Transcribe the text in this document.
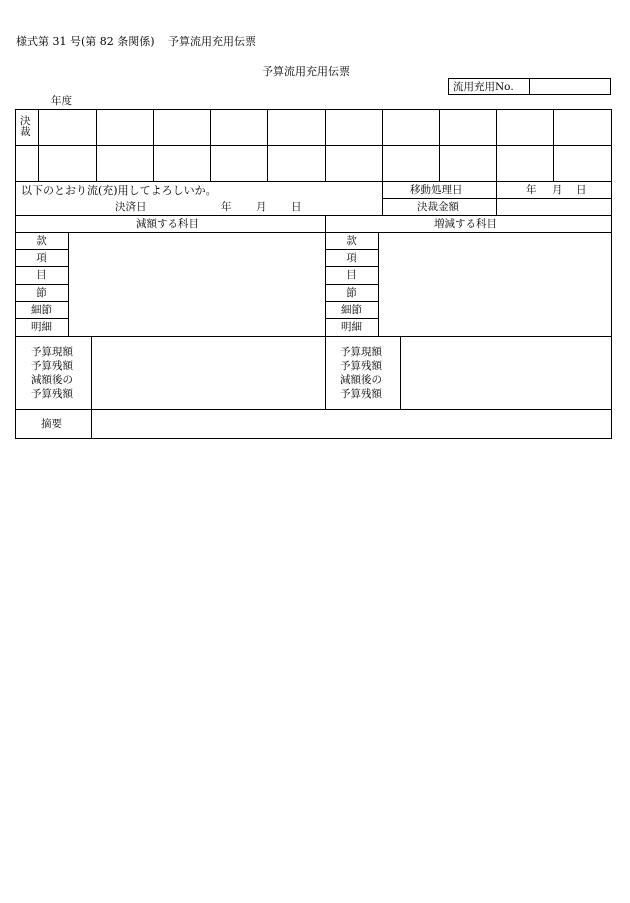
様式第 31 号(第 82 条関係) 予算流用充用伝票
予算流用充用伝票
流用充用No.
年度
決
裁
以下のとおり流(充)用してよろしいか。
決済日	年 月 日
移動処理日	年 月 日
決裁金額
減額する科目	増減する科目
款
項
目
節
細節
明細
款
項
目
節
細節
明細
予算現額
予算残額
減額後の
予算残額
予算現額
予算残額
減額後の
予算残額
摘要
